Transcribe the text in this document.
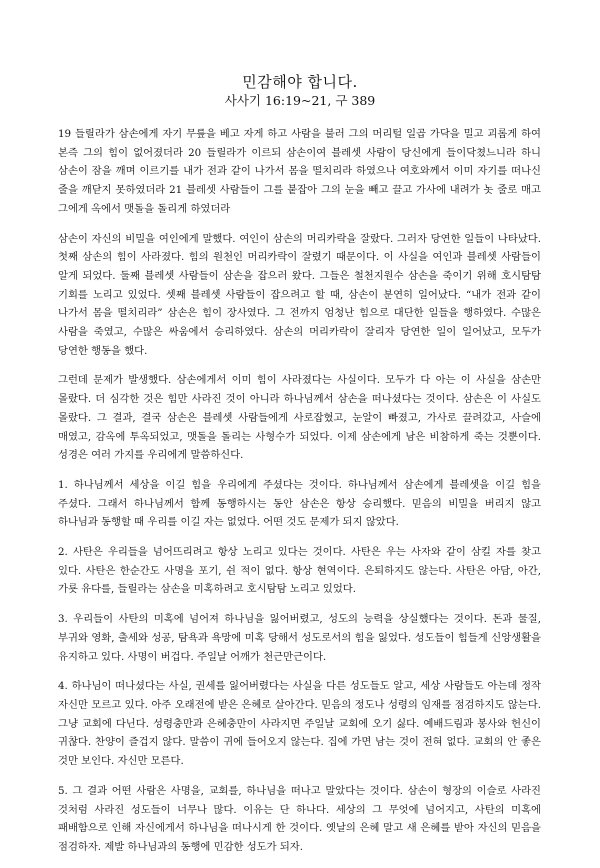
민감해야 합니다.
사사기 16:19~21, 구 389

19 들릴라가 삼손에게 자기 무릎을 베고 자게 하고 사람을 불러 그의 머리털 일곱 가닥을 밀고 괴롭게 하여 본즉 그의 힘이 없어졌더라 20 들릴라가 이르되 삼손이여 블레셋 사람이 당신에게 들이닥쳤느니라 하니 삼손이 잠을 깨며 이르기를 내가 전과 같이 나가서 몸을 떨치리라 하였으나 여호와께서 이미 자기를 떠나신 줄을 깨닫지 못하였더라 21 블레셋 사람들이 그를 붙잡아 그의 눈을 빼고 끌고 가사에 내려가 놋 줄로 매고 그에게 옥에서 맷돌을 돌리게 하였더라

삼손이 자신의 비밀을 여인에게 말했다. 여인이 삼손의 머리카락을 잘랐다. 그러자 당연한 일들이 나타났다. 첫째 삼손의 힘이 사라졌다. 힘의 원천인 머리카락이 잘렸기 때문이다. 이 사실을 여인과 블레셋 사람들이 알게 되었다. 둘째 블레셋 사람들이 삼손을 잡으러 왔다. 그들은 철천지원수 삼손을 죽이기 위해 호시탐탐 기회를 노리고 있었다. 셋째 블레셋 사람들이 잡으려고 할 때, 삼손이 분연히 일어났다. “내가 전과 같이 나가서 몸을 떨치리라” 삼손은 힘이 장사였다. 그 전까지 엄청난 힘으로 대단한 일들을 행하였다. 수많은 사람을 죽였고, 수많은 싸움에서 승리하였다. 삼손의 머리카락이 잘리자 당연한 일이 일어났고, 모두가 당연한 행동을 했다.

그런데 문제가 발생했다. 삼손에게서 이미 힘이 사라졌다는 사실이다. 모두가 다 아는 이 사실을 삼손만 몰랐다. 더 심각한 것은 힘만 사라진 것이 아니라 하나님께서 삼손을 떠나셨다는 것이다. 삼손은 이 사실도 몰랐다. 그 결과, 결국 삼손은 블레셋 사람들에게 사로잡혔고, 눈알이 빠졌고, 가사로 끌려갔고, 사슬에 매였고, 감옥에 투옥되었고, 맷돌을 돌리는 사형수가 되었다. 이제 삼손에게 남은 비참하게 죽는 것뿐이다. 성경은 여러 가지를 우리에게 말씀하신다.

1. 하나님께서 세상을 이길 힘을 우리에게 주셨다는 것이다. 하나님께서 삼손에게 블레셋을 이길 힘을 주셨다. 그래서 하나님께서 함께 동행하시는 동안 삼손은 항상 승리했다. 믿음의 비밀을 버리지 않고 하나님과 동행할 때 우리를 이길 자는 없었다. 어떤 것도 문제가 되지 않았다.

2. 사탄은 우리들을 넘어뜨리려고 항상 노리고 있다는 것이다. 사탄은 우는 사자와 같이 삼킬 자를 찾고 있다. 사탄은 한순간도 사명을 포기, 쉰 적이 없다. 항상 현역이다. 은퇴하지도 않는다. 사탄은 아담, 아간, 가룟 유다를, 들릴라는 삼손을 미혹하려고 호시탐탐 노리고 있었다.

3. 우리들이 사탄의 미혹에 넘어져 하나님을 잃어버렸고, 성도의 능력을 상실했다는 것이다. 돈과 물질, 부귀와 영화, 출세와 성공, 탐욕과 욕망에 미혹 당해서 성도로서의 힘을 잃었다. 성도들이 힘들게 신앙생활을 유지하고 있다. 사명이 버겁다. 주일날 어깨가 천근만근이다.

4. 하나님이 떠나셨다는 사실, 권세를 잃어버렸다는 사실을 다른 성도들도 알고, 세상 사람들도 아는데 정작 자신만 모르고 있다. 아주 오래전에 받은 은혜로 살아간다. 믿음의 정도나 성령의 임재를 점검하지도 않는다. 그냥 교회에 다닌다. 성령충만과 은혜충만이 사라지면 주일날 교회에 오기 싫다. 예배드림과 봉사와 헌신이 귀찮다. 찬양이 즐겁지 않다. 말씀이 귀에 들어오지 않는다. 집에 가면 남는 것이 전혀 없다. 교회의 안 좋은 것만 보인다. 자신만 모른다.

5. 그 결과 어떤 사람은 사명을, 교회를, 하나님을 떠나고 말았다는 것이다. 삼손이 형장의 이슬로 사라진 것처럼 사라진 성도들이 너무나 많다. 이유는 단 하나다. 세상의 그 무엇에 넘어지고, 사탄의 미혹에 패배함으로 인해 자신에게서 하나님을 떠나시게 한 것이다. 옛날의 은혜 말고 새 은혜를 받아 자신의 믿음을 점검하자. 제발 하나님과의 동행에 민감한 성도가 되자.
